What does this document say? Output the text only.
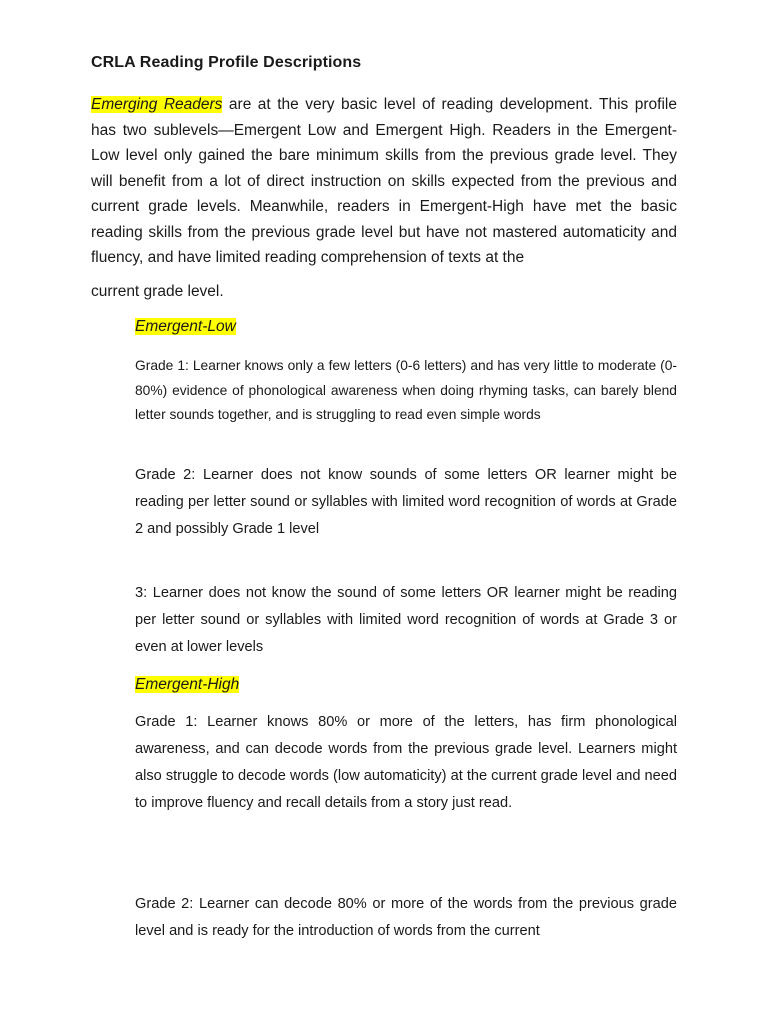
CRLA Reading Profile Descriptions

Emerging Readers are at the very basic level of reading development. This profile has two sublevels—Emergent Low and Emergent High. Readers in the Emergent-Low level only gained the bare minimum skills from the previous grade level. They will benefit from a lot of direct instruction on skills expected from the previous and current grade levels. Meanwhile, readers in Emergent-High have met the basic reading skills from the previous grade level but have not mastered automaticity and fluency, and have limited reading comprehension of texts at the

current grade level.

Emergent-Low

Grade 1: Learner knows only a few letters (0-6 letters) and has very little to moderate (0-80%) evidence of phonological awareness when doing rhyming tasks, can barely blend letter sounds together, and is struggling to read even simple words

Grade 2: Learner does not know sounds of some letters OR learner might be reading per letter sound or syllables with limited word recognition of words at Grade 2 and possibly Grade 1 level

3: Learner does not know the sound of some letters OR learner might be reading per letter sound or syllables with limited word recognition of words at Grade 3 or even at lower levels

Emergent-High

Grade 1: Learner knows 80% or more of the letters, has firm phonological awareness, and can decode words from the previous grade level. Learners might also struggle to decode words (low automaticity) at the current grade level and need to improve fluency and recall details from a story just read.

Grade 2: Learner can decode 80% or more of the words from the previous grade level and is ready for the introduction of words from the current
